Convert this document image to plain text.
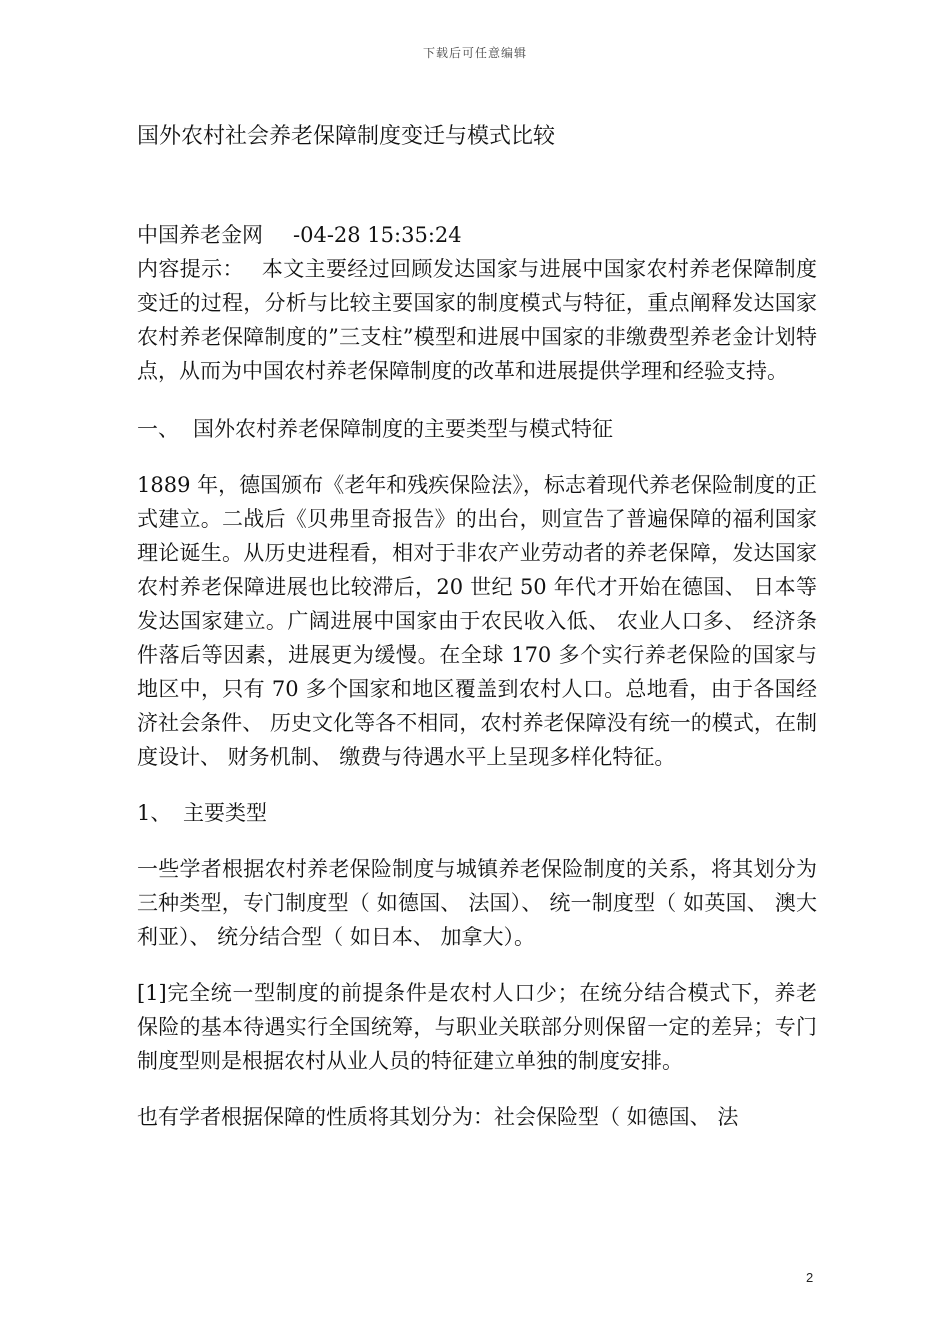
下载后可任意编辑
国外农村社会养老保障制度变迁与模式比较
中国养老金网 -04-28 15:35:24

内容提示： 本文主要经过回顾发达国家与进展中国家农村养老保障制度变迁的过程，分析与比较主要国家的制度模式与特征，重点阐释发达国家农村养老保障制度的”三支柱”模型和进展中国家的非缴费型养老金计划特点，从而为中国农村养老保障制度的改革和进展提供学理和经验支持。

一、 国外农村养老保障制度的主要类型与模式特征

1889 年，德国颁布《老年和残疾保险法》，标志着现代养老保险制度的正式建立。二战后《贝弗里奇报告》的出台，则宣告了普遍保障的福利国家理论诞生。从历史进程看，相对于非农产业劳动者的养老保障，发达国家农村养老保障进展也比较滞后，20 世纪 50 年代才开始在德国、 日本等发达国家建立。广阔进展中国家由于农民收入低、 农业人口多、 经济条件落后等因素，进展更为缓慢。在全球 170 多个实行养老保险的国家与地区中，只有 70 多个国家和地区覆盖到农村人口。总地看，由于各国经济社会条件、 历史文化等各不相同，农村养老保障没有统一的模式，在制度设计、 财务机制、 缴费与待遇水平上呈现多样化特征。

1、 主要类型

一些学者根据农村养老保险制度与城镇养老保险制度的关系，将其划分为三种类型，专门制度型（ 如德国、 法国）、 统一制度型（ 如英国、 澳大利亚）、 统分结合型（ 如日本、 加拿大）。

[1]完全统一型制度的前提条件是农村人口少；在统分结合模式下，养老保险的基本待遇实行全国统筹，与职业关联部分则保留一定的差异；专门制度型则是根据农村从业人员的特征建立单独的制度安排。

也有学者根据保障的性质将其划分为：社会保险型（ 如德国、 法

2
